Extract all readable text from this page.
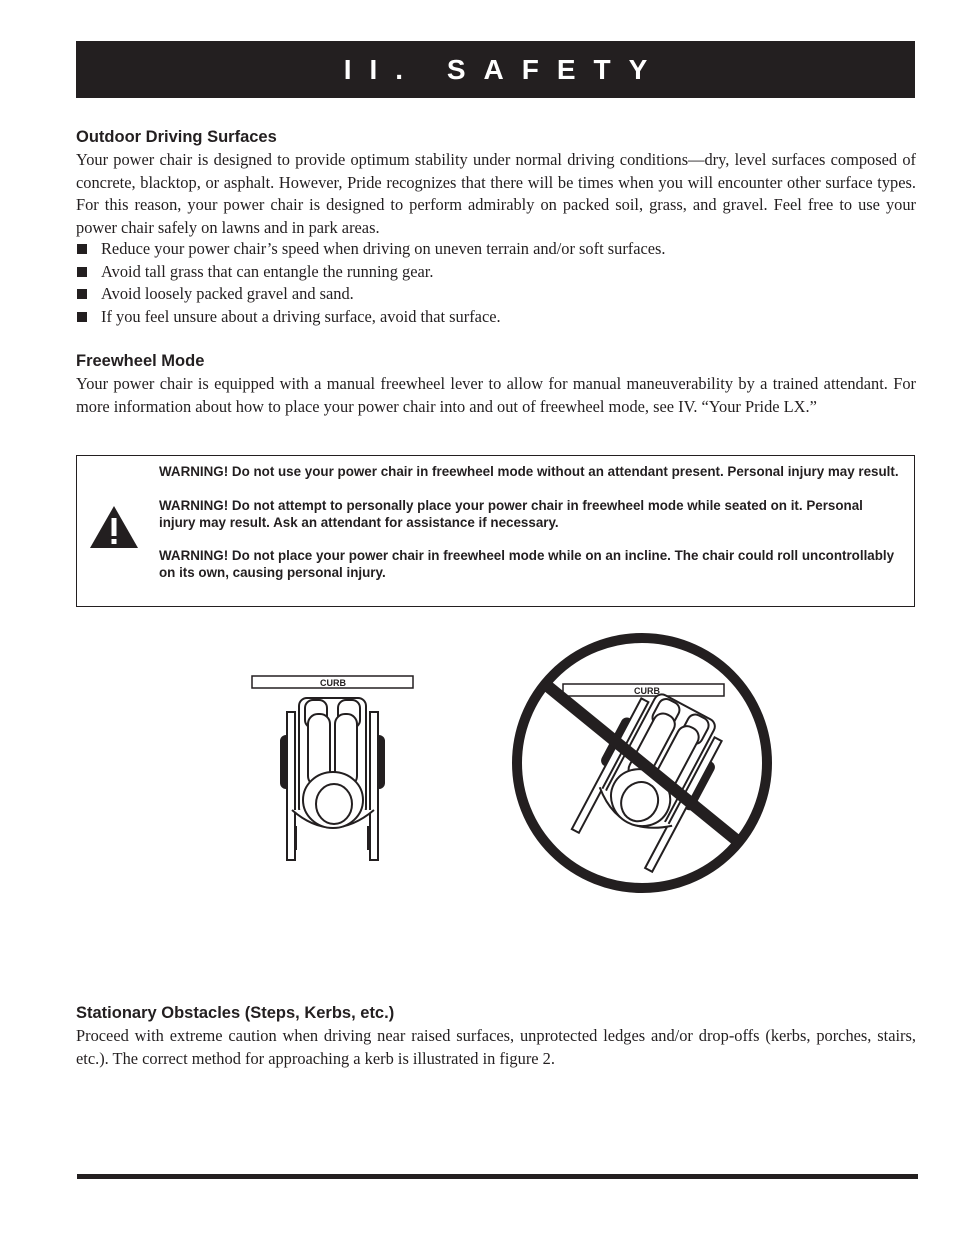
II. SAFETY
Outdoor Driving Surfaces

Your power chair is designed to provide optimum stability under normal driving conditions—dry, level surfaces composed of concrete, blacktop, or asphalt. However, Pride recognizes that there will be times when you will encounter other surface types. For this reason, your power chair is designed to perform admirably on packed soil, grass, and gravel. Feel free to use your power chair safely on lawns and in park areas.

Reduce your power chair’s speed when driving on uneven terrain and/or soft surfaces.
Avoid tall grass that can entangle the running gear.
Avoid loosely packed gravel and sand.
If you feel unsure about a driving surface, avoid that surface.
Freewheel Mode

Your power chair is equipped with a manual freewheel lever to allow for manual maneuverability by a trained attendant. For more information about how to place your power chair into and out of freewheel mode, see IV. “Your Pride LX.”

WARNING! Do not use your power chair in freewheel mode without an attendant present. Personal injury may result.

WARNING! Do not attempt to personally place your power chair in freewheel mode while seated on it. Personal injury may result. Ask an attendant for assistance if necessary.

WARNING! Do not place your power chair in freewheel mode while on an incline. The chair could roll uncontrollably on its own, causing personal injury.

CURB
CURB
Stationary Obstacles (Steps, Kerbs, etc.)

Proceed with extreme caution when driving near raised surfaces, unprotected ledges and/or drop-offs (kerbs, porches, stairs, etc.). The correct method for approaching a kerb is illustrated in figure 2.
